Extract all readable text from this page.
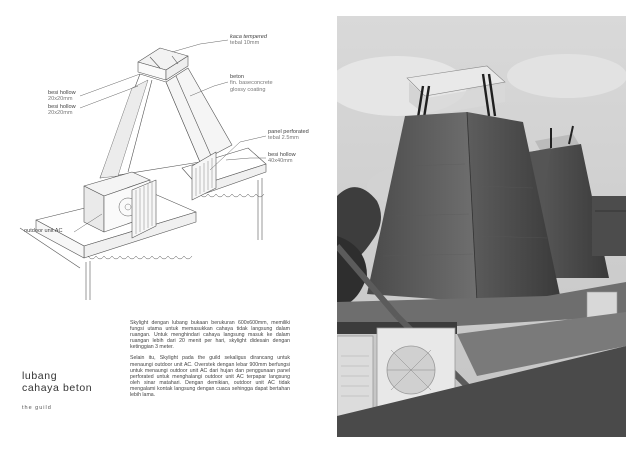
kaca tempered
tebal 10mm
beton
fin. baseconcrete
glossy coating
besi hollow
20x20mm
besi hollow
20x20mm
panel perforated
tebal 2.5mm
besi hollow
40x40mm
outdoor unit AC

Skylight dengan lubang bukaan berukuran 600x600mm, memiliki fungsi utama untuk memasukkan cahaya tidak langsung dalam ruangan. Untuk menghindari cahaya langsung masuk ke dalam ruangan lebih dari 20 menit per hari, skylight didesain dengan ketinggian 3 meter.

Selain itu, Skylight pada the guild sekaligus dirancang untuk menaungi outdoor unit AC. Overstek dengan lebar 900mm berfungsi untuk menaungi outdoor unit AC dari hujan dan penggunaan panel perforated untuk menghalangi outdoor unit AC terpapar langsung oleh sinar matahari. Dengan demikian, outdoor unit AC tidak mengalami kontak langsung dengan cuaca sehingga dapat bertahan lebih lama.

lubang
cahaya beton
the guild
